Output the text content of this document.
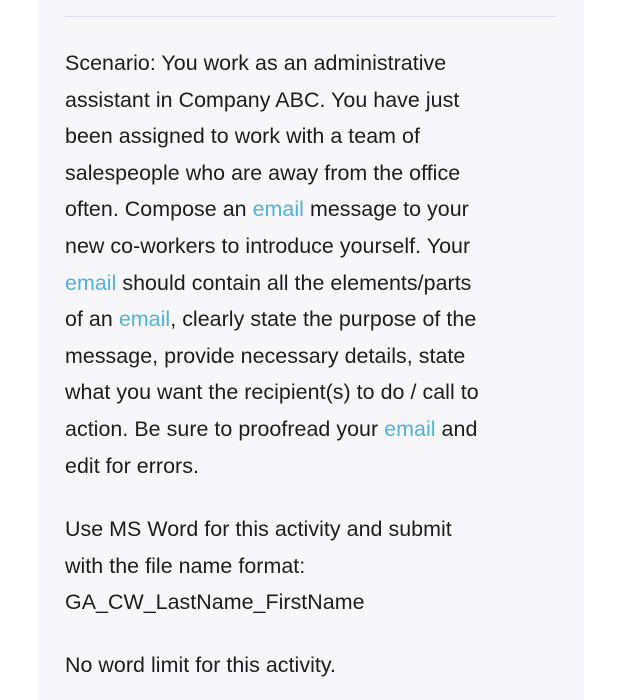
Scenario: You work as an administrative
assistant in Company ABC. You have just
been assigned to work with a team of
salespeople who are away from the office
often. Compose an email message to your
new co-workers to introduce yourself. Your
email should contain all the elements/parts
of an email, clearly state the purpose of the
message, provide necessary details, state
what you want the recipient(s) to do / call to
action. Be sure to proofread your email and
edit for errors.

Use MS Word for this activity and submit
with the file name format:
GA_CW_LastName_FirstName

No word limit for this activity.
